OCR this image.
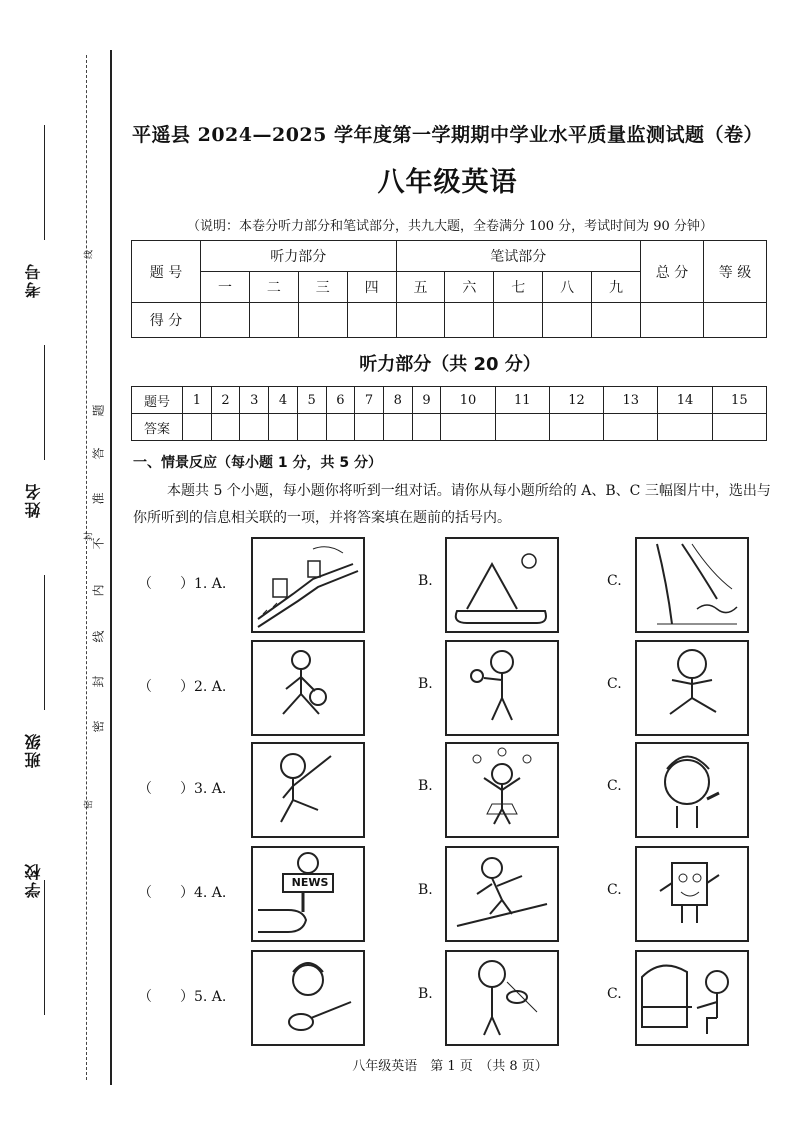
考号
姓名
班级
学校
线
封
密
题
答
准
不
内
线
封
密
平遥县 2024—2025 学年度第一学期期中学业水平质量监测试题（卷）
八年级英语
（说明：本卷分听力部分和笔试部分，共九大题，全卷满分 100 分，考试时间为 90 分钟）
题 号	听力部分				笔试部分					总 分	等 级
	一	二	三	四	五	六	七	八	九		
得 分											
听力部分（共 20 分）
题号	1	2	3	4	5	6	7	8	9	10	11	12	13	14	15
答案															
一、情景反应（每小题 1 分，共 5 分）
本题共 5 个小题，每小题你将听到一组对话。请你从每小题所给的 A、B、C 三幅图片中，选出与你所听到的信息相关联的一项，并将答案填在题前的括号内。
（　　）1. A.	B.	C.
（　　）2. A.	B.	C.
（　　）3. A.	B.	C.
（　　）4. A.	B.	C.
NEWS
（　　）5. A.	B.	C.
八年级英语　第 1 页　（共 8 页）
